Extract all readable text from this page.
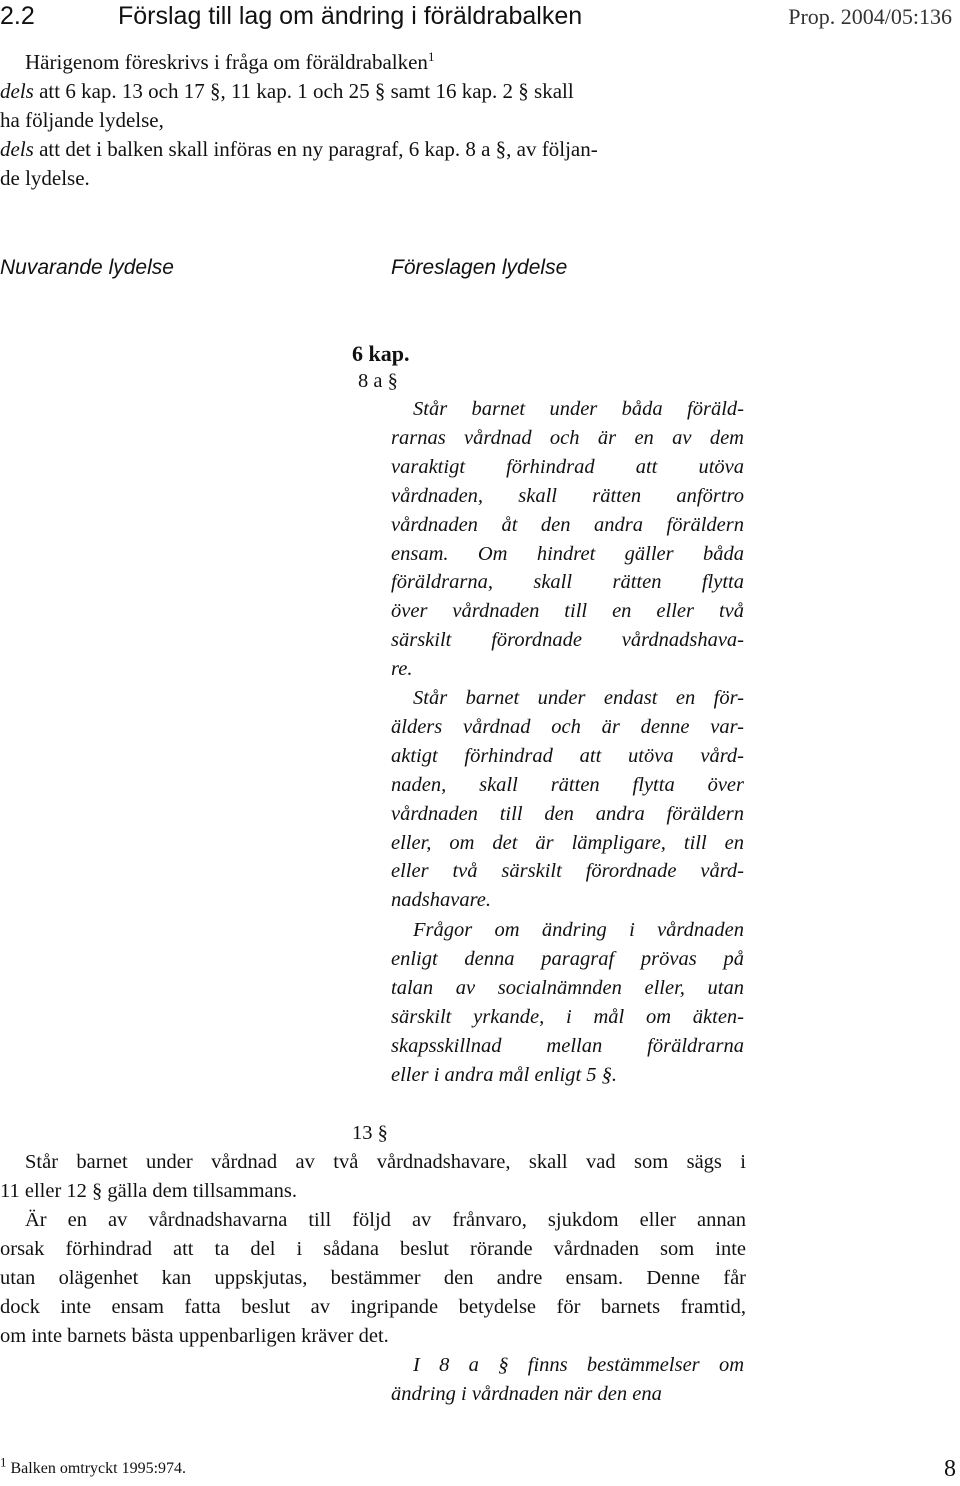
2.2	Förslag till lag om ändring i föräldrabalken	Prop. 2004/05:136
Härigenom föreskrivs i fråga om föräldrabalken$^1$
dels att 6 kap. 13 och 17 §, 11 kap. 1 och 25 § samt 16 kap. 2 § skall
ha följande lydelse,
dels att det i balken skall införas en ny paragraf, 6 kap. 8 a §, av följan-
de lydelse.
Nuvarande lydelse	Föreslagen lydelse
6 kap.
8 a §
Står barnet under båda föräld-
rarnas vårdnad och är en av dem
varaktigt förhindrad att utöva
vårdnaden, skall rätten anförtro
vårdnaden åt den andra föräldern
ensam. Om hindret gäller båda
föräldrarna, skall rätten flytta
över vårdnaden till en eller två
särskilt förordnade vårdnadshava-
re.
Står barnet under endast en för-
älders vårdnad och är denne var-
aktigt förhindrad att utöva vård-
naden, skall rätten flytta över
vårdnaden till den andra föräldern
eller, om det är lämpligare, till en
eller två särskilt förordnade vård-
nadshavare.
Frågor om ändring i vårdnaden
enligt denna paragraf prövas på
talan av socialnämnden eller, utan
särskilt yrkande, i mål om äkten-
skapsskillnad mellan föräldrarna
eller i andra mål enligt 5 §.
13 §
Står barnet under vårdnad av två vårdnadshavare, skall vad som sägs i
11 eller 12 § gälla dem tillsammans.
Är en av vårdnadshavarna till följd av frånvaro, sjukdom eller annan
orsak förhindrad att ta del i sådana beslut rörande vårdnaden som inte
utan olägenhet kan uppskjutas, bestämmer den andre ensam. Denne får
dock inte ensam fatta beslut av ingripande betydelse för barnets framtid,
om inte barnets bästa uppenbarligen kräver det.
I 8 a § finns bestämmelser om
ändring i vårdnaden när den ena
$^1$ Balken omtryckt 1995:974.	8
